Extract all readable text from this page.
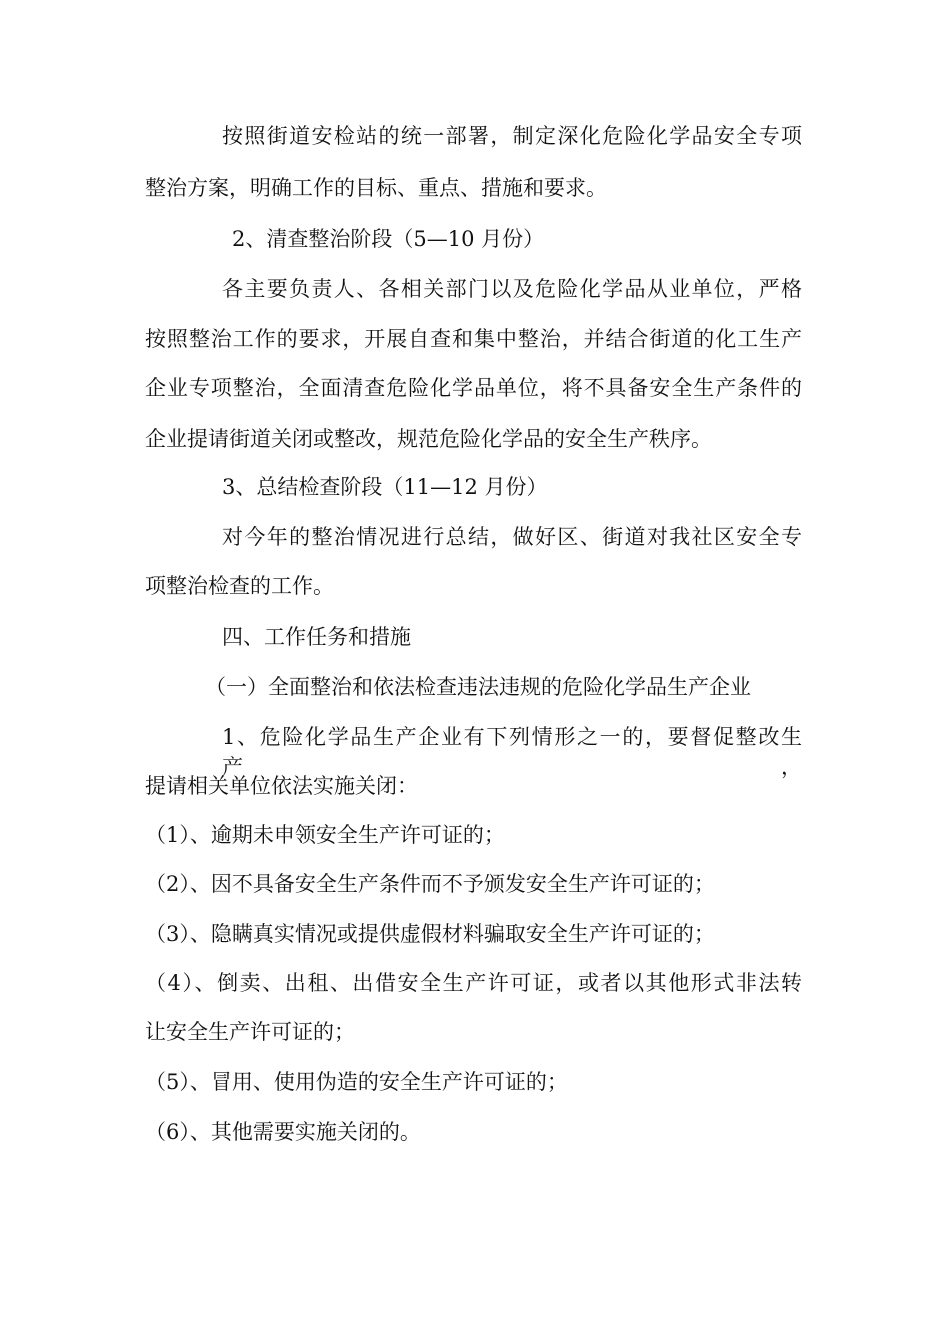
按照街道安检站的统一部署，制定深化危险化学品安全专项
整治方案，明确工作的目标、重点、措施和要求。
2、清查整治阶段（5—10 月份）
各主要负责人、各相关部门以及危险化学品从业单位，严格
按照整治工作的要求，开展自查和集中整治，并结合街道的化工生产
企业专项整治，全面清查危险化学品单位，将不具备安全生产条件的
企业提请街道关闭或整改，规范危险化学品的安全生产秩序。
3、总结检查阶段（11—12 月份）
对今年的整治情况进行总结，做好区、街道对我社区安全专
项整治检查的工作。
四、工作任务和措施
（一）全面整治和依法检查违法违规的危险化学品生产企业
1、危险化学品生产企业有下列情形之一的，要督促整改生产，
提请相关单位依法实施关闭：
（1）、逾期未申领安全生产许可证的；
（2）、因不具备安全生产条件而不予颁发安全生产许可证的；
（3）、隐瞒真实情况或提供虚假材料骗取安全生产许可证的；
（4）、倒卖、出租、出借安全生产许可证，或者以其他形式非法转
让安全生产许可证的；
（5）、冒用、使用伪造的安全生产许可证的；
（6）、其他需要实施关闭的。
